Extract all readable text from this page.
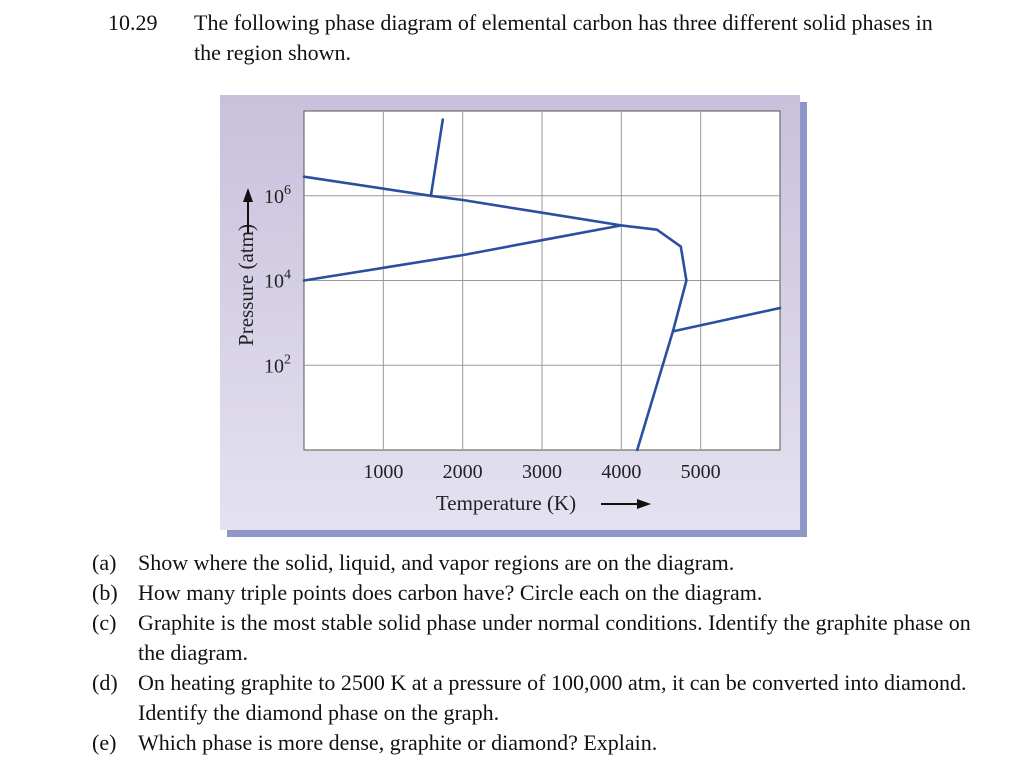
10.29 The following phase diagram of elemental carbon has three different solid phases in the region shown.
1000 2000 3000 4000 5000
$10^2$
$10^4$
$10^6$
Temperature (K)
Pressure (atm)
(a) Show where the solid, liquid, and vapor regions are on the diagram.
(b) How many triple points does carbon have? Circle each on the diagram.
(c) Graphite is the most stable solid phase under normal conditions. Identify the graphite phase on the diagram.
(d) On heating graphite to 2500 K at a pressure of 100,000 atm, it can be converted into diamond. Identify the diamond phase on the graph.
(e) Which phase is more dense, graphite or diamond? Explain.
